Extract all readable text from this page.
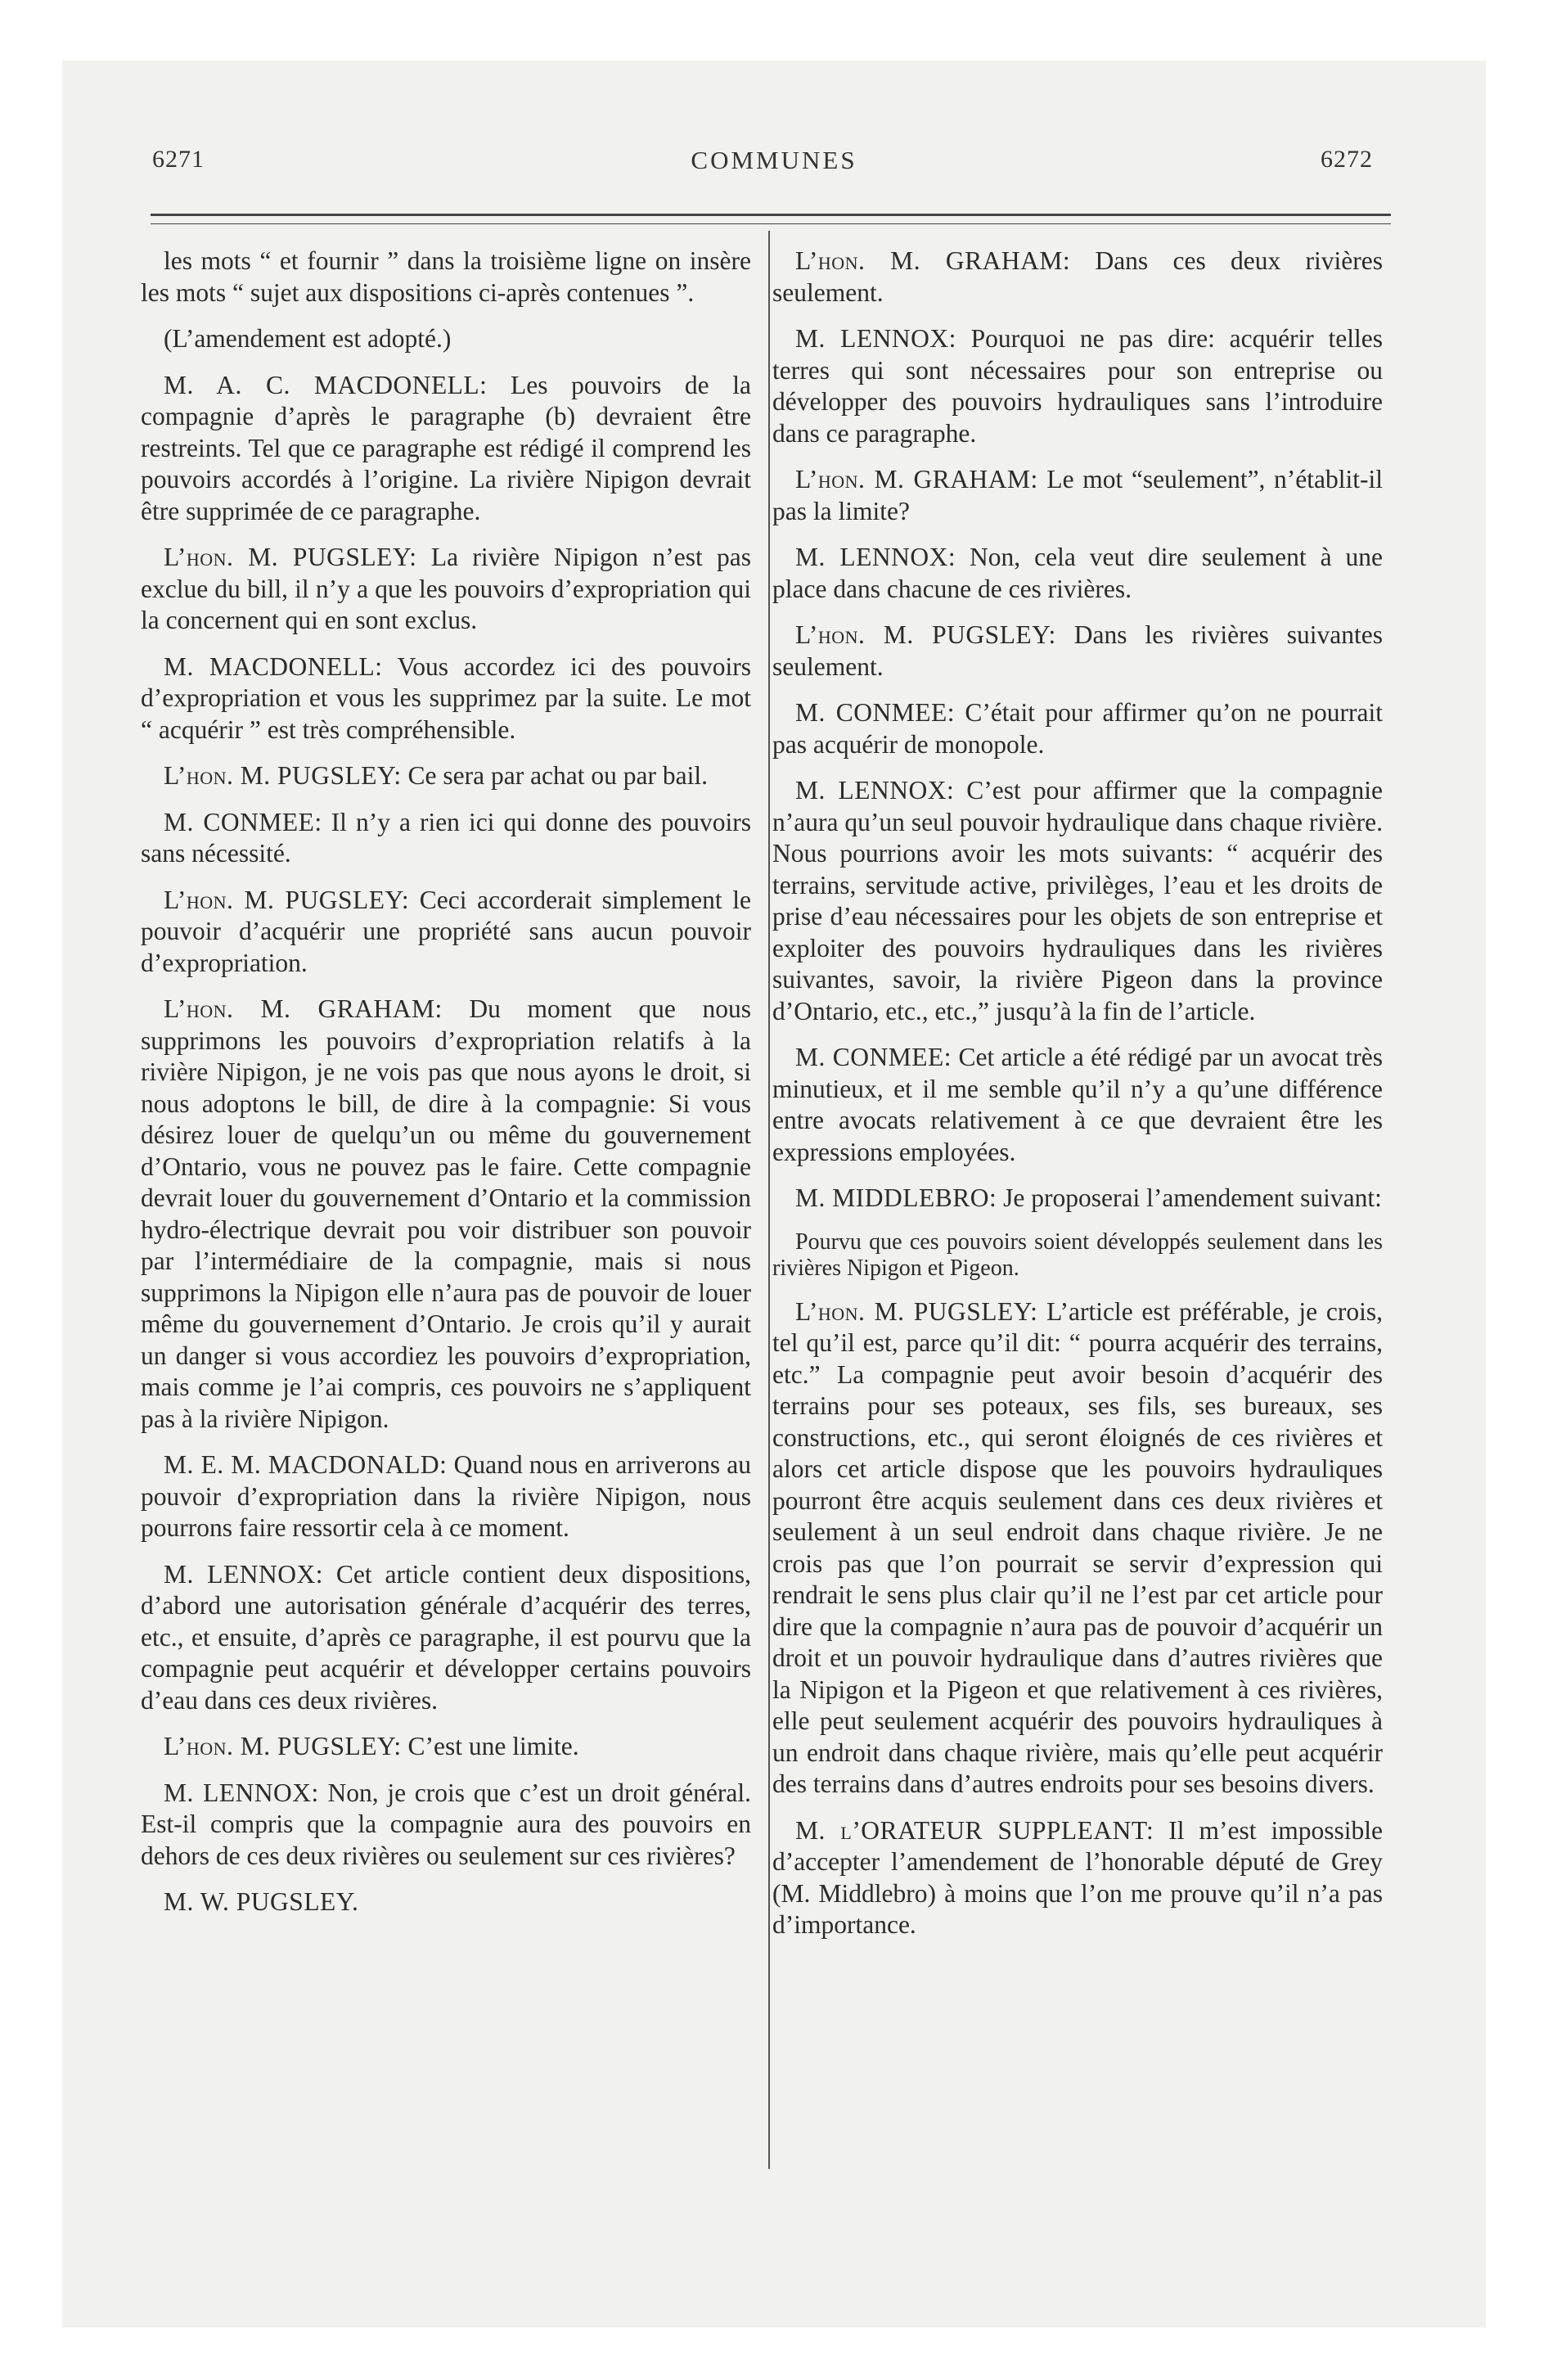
6271	COMMUNES	6272

les mots “ et fournir ” dans la troisième ligne on insère les mots “ sujet aux dispositions ci-après contenues ”.

(L’amendement est adopté.)

M. A. C. MACDONELL: Les pouvoirs de la compagnie d’après le paragraphe (b) devraient être restreints. Tel que ce paragraphe est rédigé il comprend les pouvoirs accordés à l’origine. La rivière Nipigon devrait être supprimée de ce paragraphe.

L’hon. M. PUGSLEY: La rivière Nipigon n’est pas exclue du bill, il n’y a que les pouvoirs d’expropriation qui la concernent qui en sont exclus.

M. MACDONELL: Vous accordez ici des pouvoirs d’expropriation et vous les supprimez par la suite. Le mot “ acquérir ” est très compréhensible.

L’hon. M. PUGSLEY: Ce sera par achat ou par bail.

M. CONMEE: Il n’y a rien ici qui donne des pouvoirs sans nécessité.

L’hon. M. PUGSLEY: Ceci accorderait simplement le pouvoir d’acquérir une propriété sans aucun pouvoir d’expropriation.

L’hon. M. GRAHAM: Du moment que nous supprimons les pouvoirs d’expropriation relatifs à la rivière Nipigon, je ne vois pas que nous ayons le droit, si nous adoptons le bill, de dire à la compagnie: Si vous désirez louer de quelqu’un ou même du gouvernement d’Ontario, vous ne pouvez pas le faire. Cette compagnie devrait louer du gouvernement d’Ontario et la commission hydro-électrique devrait pou voir distribuer son pouvoir par l’intermédiaire de la compagnie, mais si nous supprimons la Nipigon elle n’aura pas de pouvoir de louer même du gouvernement d’Ontario. Je crois qu’il y aurait un danger si vous accordiez les pouvoirs d’expropriation, mais comme je l’ai compris, ces pouvoirs ne s’appliquent pas à la rivière Nipigon.

M. E. M. MACDONALD: Quand nous en arriverons au pouvoir d’expropriation dans la rivière Nipigon, nous pourrons faire ressortir cela à ce moment.

M. LENNOX: Cet article contient deux dispositions, d’abord une autorisation générale d’acquérir des terres, etc., et ensuite, d’après ce paragraphe, il est pourvu que la compagnie peut acquérir et développer certains pouvoirs d’eau dans ces deux rivières.

L’hon. M. PUGSLEY: C’est une limite.

M. LENNOX: Non, je crois que c’est un droit général. Est-il compris que la compagnie aura des pouvoirs en dehors de ces deux rivières ou seulement sur ces rivières?

M. W. PUGSLEY.

L’hon. M. GRAHAM: Dans ces deux rivières seulement.

M. LENNOX: Pourquoi ne pas dire: acquérir telles terres qui sont nécessaires pour son entreprise ou développer des pouvoirs hydrauliques sans l’introduire dans ce paragraphe.

L’hon. M. GRAHAM: Le mot “seulement”, n’établit-il pas la limite?

M. LENNOX: Non, cela veut dire seulement à une place dans chacune de ces rivières.

L’hon. M. PUGSLEY: Dans les rivières suivantes seulement.

M. CONMEE: C’était pour affirmer qu’on ne pourrait pas acquérir de monopole.

M. LENNOX: C’est pour affirmer que la compagnie n’aura qu’un seul pouvoir hydraulique dans chaque rivière. Nous pourrions avoir les mots suivants: “ acquérir des terrains, servitude active, privilèges, l’eau et les droits de prise d’eau nécessaires pour les objets de son entreprise et exploiter des pouvoirs hydrauliques dans les rivières suivantes, savoir, la rivière Pigeon dans la province d’Ontario, etc., etc.,” jusqu’à la fin de l’article.

M. CONMEE: Cet article a été rédigé par un avocat très minutieux, et il me semble qu’il n’y a qu’une différence entre avocats relativement à ce que devraient être les expressions employées.

M. MIDDLEBRO: Je proposerai l’amendement suivant:

Pourvu que ces pouvoirs soient développés seulement dans les rivières Nipigon et Pigeon.

L’hon. M. PUGSLEY: L’article est préférable, je crois, tel qu’il est, parce qu’il dit: “ pourra acquérir des terrains, etc.” La compagnie peut avoir besoin d’acquérir des terrains pour ses poteaux, ses fils, ses bureaux, ses constructions, etc., qui seront éloignés de ces rivières et alors cet article dispose que les pouvoirs hydrauliques pourront être acquis seulement dans ces deux rivières et seulement à un seul endroit dans chaque rivière. Je ne crois pas que l’on pourrait se servir d’expression qui rendrait le sens plus clair qu’il ne l’est par cet article pour dire que la compagnie n’aura pas de pouvoir d’acquérir un droit et un pouvoir hydraulique dans d’autres rivières que la Nipigon et la Pigeon et que relativement à ces rivières, elle peut seulement acquérir des pouvoirs hydrauliques à un endroit dans chaque rivière, mais qu’elle peut acquérir des terrains dans d’autres endroits pour ses besoins divers.

M. l’ORATEUR SUPPLEANT: Il m’est impossible d’accepter l’amendement de l’honorable député de Grey (M. Middlebro) à moins que l’on me prouve qu’il n’a pas d’importance.
